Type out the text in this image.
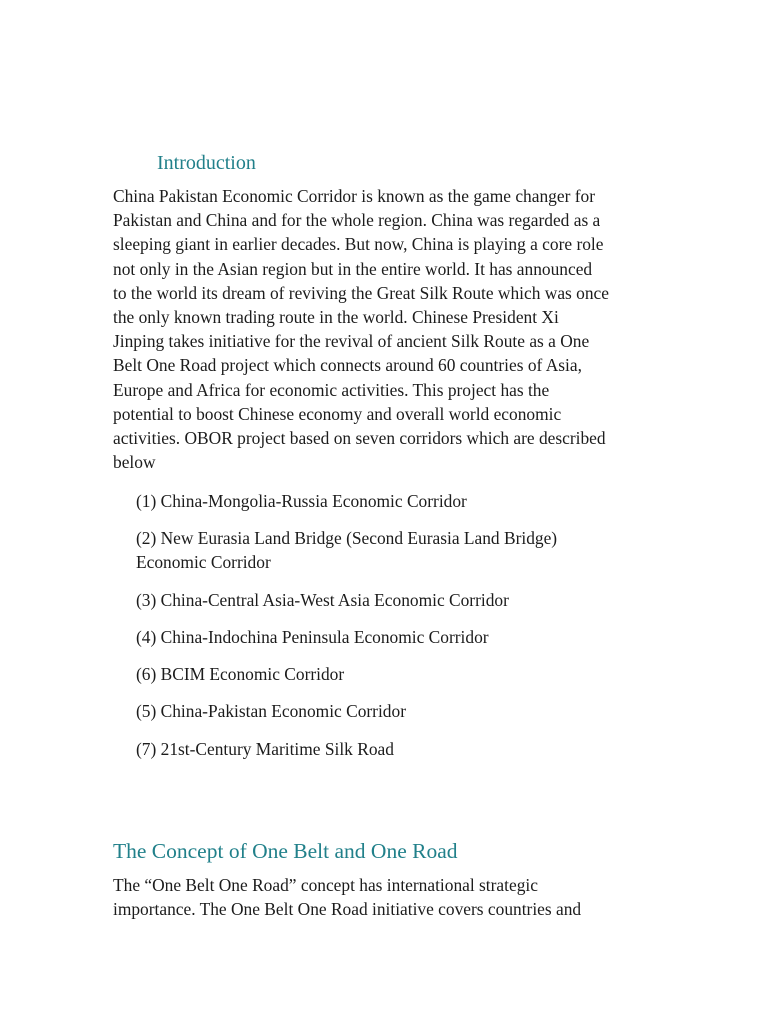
Introduction

China Pakistan Economic Corridor is known as the game changer for
Pakistan and China and for the whole region. China was regarded as a
sleeping giant in earlier decades. But now, China is playing a core role
not only in the Asian region but in the entire world. It has announced
to the world its dream of reviving the Great Silk Route which was once
the only known trading route in the world. Chinese President Xi
Jinping takes initiative for the revival of ancient Silk Route as a One
Belt One Road project which connects around 60 countries of Asia,
Europe and Africa for economic activities. This project has the
potential to boost Chinese economy and overall world economic
activities. OBOR project based on seven corridors which are described
below

(1) China-Mongolia-Russia Economic Corridor
(2) New Eurasia Land Bridge (Second Eurasia Land Bridge)
Economic Corridor
(3) China-Central Asia-West Asia Economic Corridor
(4) China-Indochina Peninsula Economic Corridor
(6) BCIM Economic Corridor
(5) China-Pakistan Economic Corridor
(7) 21st-Century Maritime Silk Road
The Concept of One Belt and One Road

The “One Belt One Road” concept has international strategic
importance. The One Belt One Road initiative covers countries and
